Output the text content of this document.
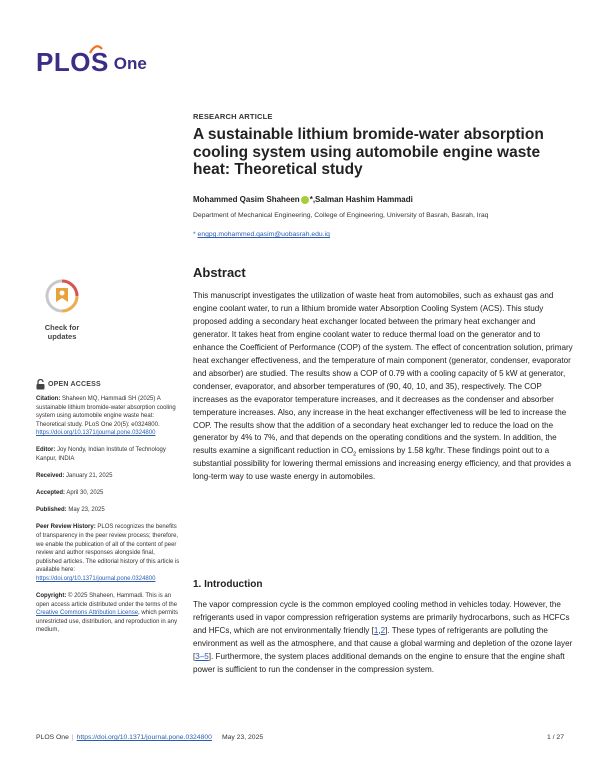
PLOS One
RESEARCH ARTICLE
A sustainable lithium bromide-water absorption cooling system using automobile engine waste heat: Theoretical study
Mohammed Qasim Shaheen *, Salman Hashim Hammadi
Department of Mechanical Engineering, College of Engineering, University of Basrah, Basrah, Iraq
* engpg.mohammed.qasim@uobasrah.edu.iq
Check for
updates
OPEN ACCESS

Citation: Shaheen MQ, Hammadi SH (2025) A sustainable lithium bromide-water absorption cooling system using automobile engine waste heat: Theoretical study. PLoS One 20(5): e0324800. https://doi.org/10.1371/journal.pone.0324800

Editor: Joy Nondy, Indian Institute of Technology Kanpur, INDIA

Received: January 21, 2025

Accepted: April 30, 2025

Published: May 23, 2025

Peer Review History: PLOS recognizes the benefits of transparency in the peer review process; therefore, we enable the publication of all of the content of peer review and author responses alongside final, published articles. The editorial history of this article is available here: https://doi.org/10.1371/journal.pone.0324800

Copyright: © 2025 Shaheen, Hammadi. This is an open access article distributed under the terms of the Creative Commons Attribution License, which permits unrestricted use, distribution, and reproduction in any medium,

Abstract

This manuscript investigates the utilization of waste heat from automobiles, such as exhaust gas and engine coolant water, to run a lithium bromide water Absorption Cooling System (ACS). This study proposed adding a secondary heat exchanger located between the primary heat exchanger and generator. It takes heat from engine coolant water to reduce thermal load on the generator and to enhance the Coefficient of Performance (COP) of the system. The effect of concentration solution, primary heat exchanger effectiveness, and the temperature of main component (generator, condenser, evaporator and absorber) are studied. The results show a COP of 0.79 with a cooling capacity of 5 kW at generator, condenser, evaporator, and absorber temperatures of (90, 40, 10, and 35), respectively. The COP increases as the evaporator temperature increases, and it decreases as the condenser and absorber temperature increases. Also, any increase in the heat exchanger effectiveness will be led to increase the COP. The results show that the addition of a secondary heat exchanger led to reduce the load on the generator by 4% to 7%, and that depends on the operating conditions and the system. In addition, the results examine a significant reduction in $CO_2$ emissions by 1.58 kg/hr. These findings point out to a substantial possibility for lowering thermal emissions and increasing energy efficiency, and that provides a long-term way to use waste energy in automobiles.

1. Introduction

The vapor compression cycle is the common employed cooling method in vehicles today. However, the refrigerants used in vapor compression refrigeration systems are primarily hydrocarbons, such as HCFCs and HFCs, which are not environmentally friendly [1,2]. These types of refrigerants are polluting the environment as well as the atmosphere, and that cause a global warming and depletion of the ozone layer [3–5]. Furthermore, the system places additional demands on the engine to ensure that the engine shaft power is sufficient to run the condenser in the compression system.

PLOS One | https://doi.org/10.1371/journal.pone.0324800 May 23, 2025	1 / 27
